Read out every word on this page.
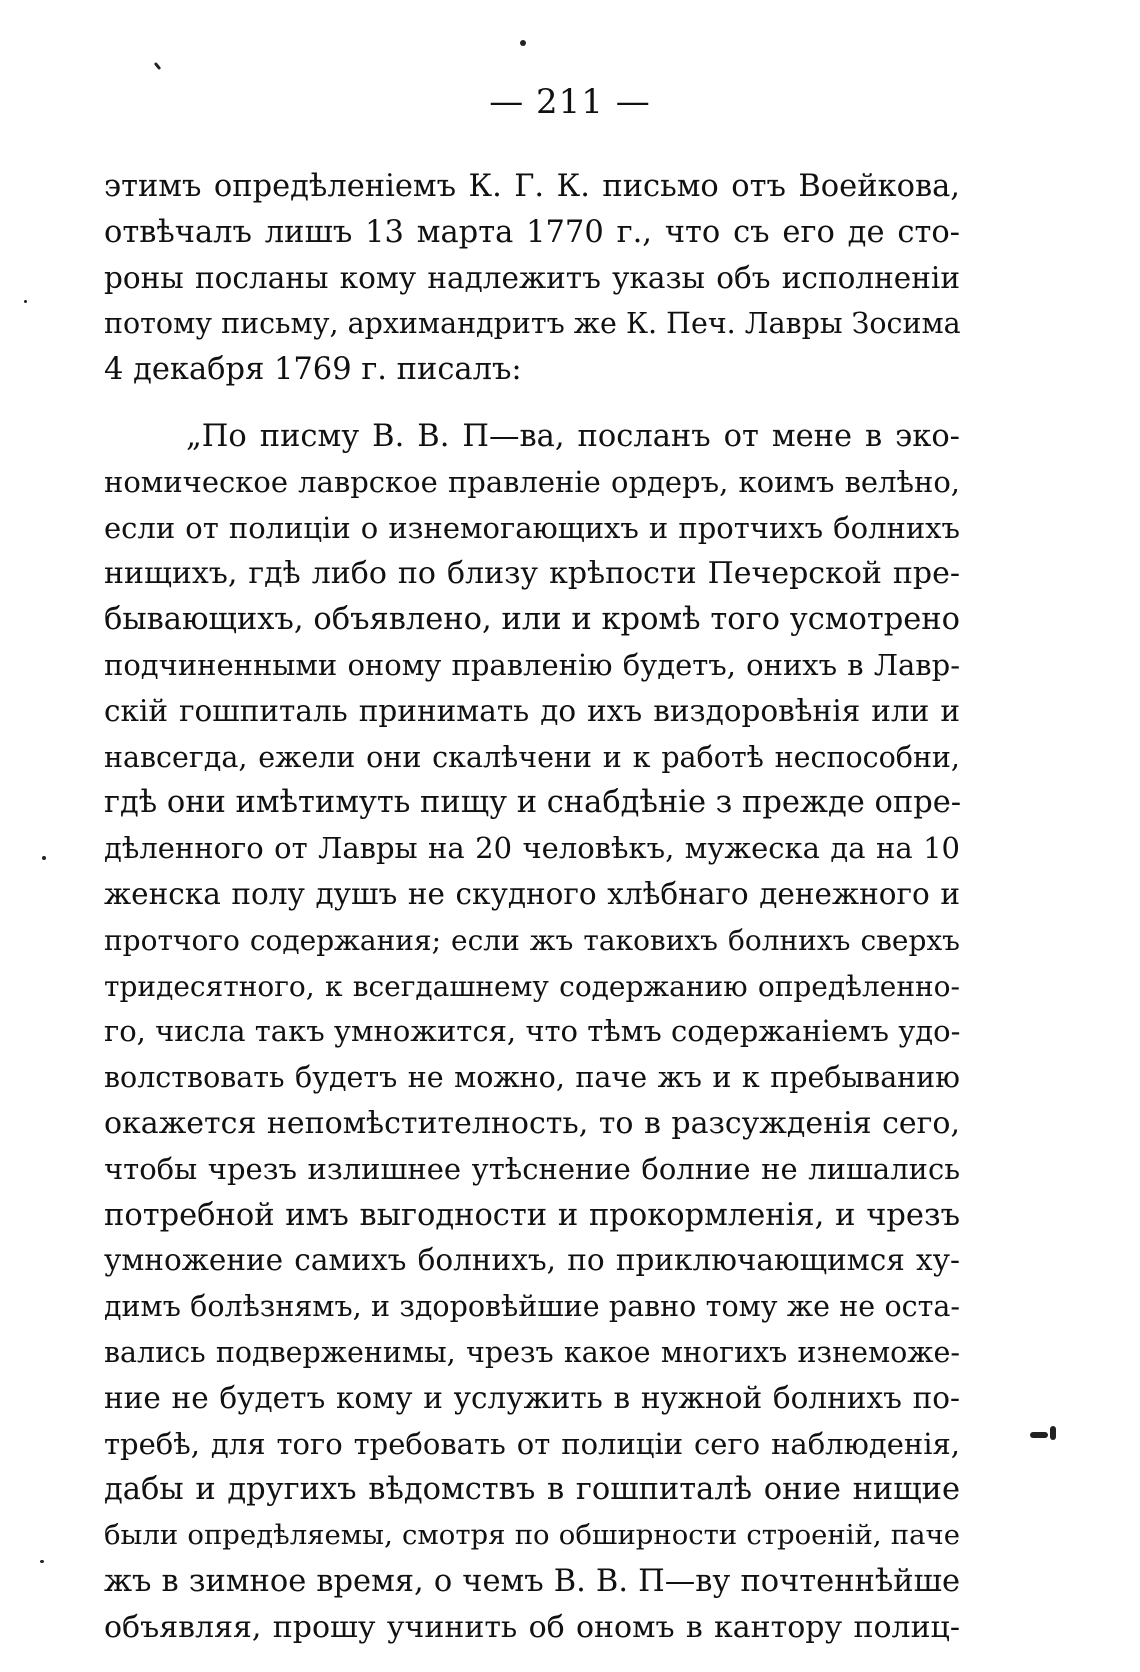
— 211 —
этимъ опредѣленіемъ К. Г. К. письмо отъ Воейкова,
отвѣчалъ лишъ 13 марта 1770 г., что съ его де сто-
роны посланы кому надлежитъ указы объ исполненіи
потому письму, архимандритъ же К. Печ. Лавры Зосима
4 декабря 1769 г. писалъ:
„По писму В. В. П—ва, посланъ от мене в эко-
номическое лаврское правленіе ордеръ, коимъ велѣно,
если от полиціи о изнемогающихъ и протчихъ болнихъ
нищихъ, гдѣ либо по близу крѣпости Печерской пре-
бывающихъ, объявлено, или и кромѣ того усмотрено
подчиненными оному правленію будетъ, онихъ в Лавр-
скій гошпиталь принимать до ихъ виздоровѣнія или и
навсегда, ежели они скалѣчени и к работѣ неспособни,
гдѣ они имѣтимуть пищу и снабдѣніе з прежде опре-
дѣленного от Лавры на 20 человѣкъ, мужеска да на 10
женска полу душъ не скудного хлѣбнаго денежного и
протчого содержания; если жъ таковихъ болнихъ сверхъ
тридесятного, к всегдашнему содержанию опредѣленно-
го, числа такъ умножится, что тѣмъ содержаніемъ удо-
волствовать будетъ не можно, паче жъ и к пребыванию
окажется непомѣстителность, то в разсужденія сего,
чтобы чрезъ излишнее утѣснение болние не лишались
потребной имъ выгодности и прокормленія, и чрезъ
умножение самихъ болнихъ, по приключающимся ху-
димъ болѣзнямъ, и здоровѣйшие равно тому же не оста-
вались подверженимы, чрезъ какое многихъ изнеможе-
ние не будетъ кому и услужить в нужной болнихъ по-
требѣ, для того требовать от полиціи сего наблюденія,
дабы и другихъ вѣдомствъ в гошпиталѣ оние нищие
были опредѣляемы, смотря по обширности строеній, паче
жъ в зимное время, о чемъ В. В. П—ву почтеннѣйше
объявляя, прошу учинить об ономъ в кантору полиц-
